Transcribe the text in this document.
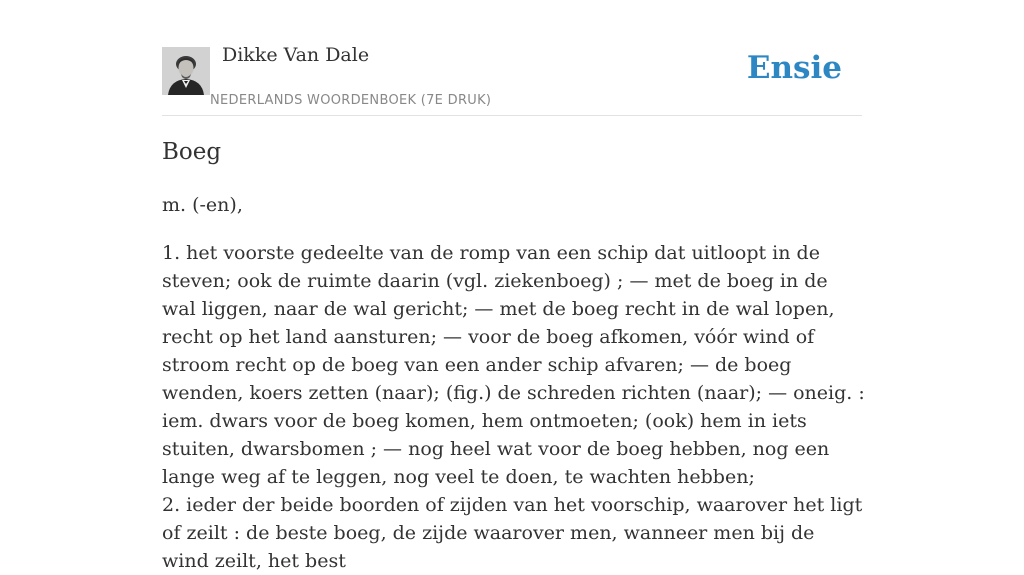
Dikke Van Dale
NEDERLANDS WOORDENBOEK (7E DRUK)
Ensie
Boeg
m. (-en),

1. het voorste gedeelte van de romp van een schip dat uitloopt in de steven; ook de ruimte daarin (vgl. ziekenboeg) ; — met de boeg in de wal liggen, naar de wal gericht; — met de boeg recht in de wal lopen, recht op het land aansturen; — voor de boeg afkomen, vóór wind of stroom recht op de boeg van een ander schip afvaren; — de boeg wenden, koers zetten (naar); (fig.) de schreden richten (naar); — oneig. : iem. dwars voor de boeg komen, hem ontmoeten; (ook) hem in iets stuiten, dwarsbomen ; — nog heel wat voor de boeg hebben, nog een lange weg af te leggen, nog veel te doen, te wachten hebben;

2. ieder der beide boorden of zijden van het voorschip, waarover het ligt of zeilt : de beste boeg, de zijde waarover men, wanneer men bij de wind zeilt, het best
